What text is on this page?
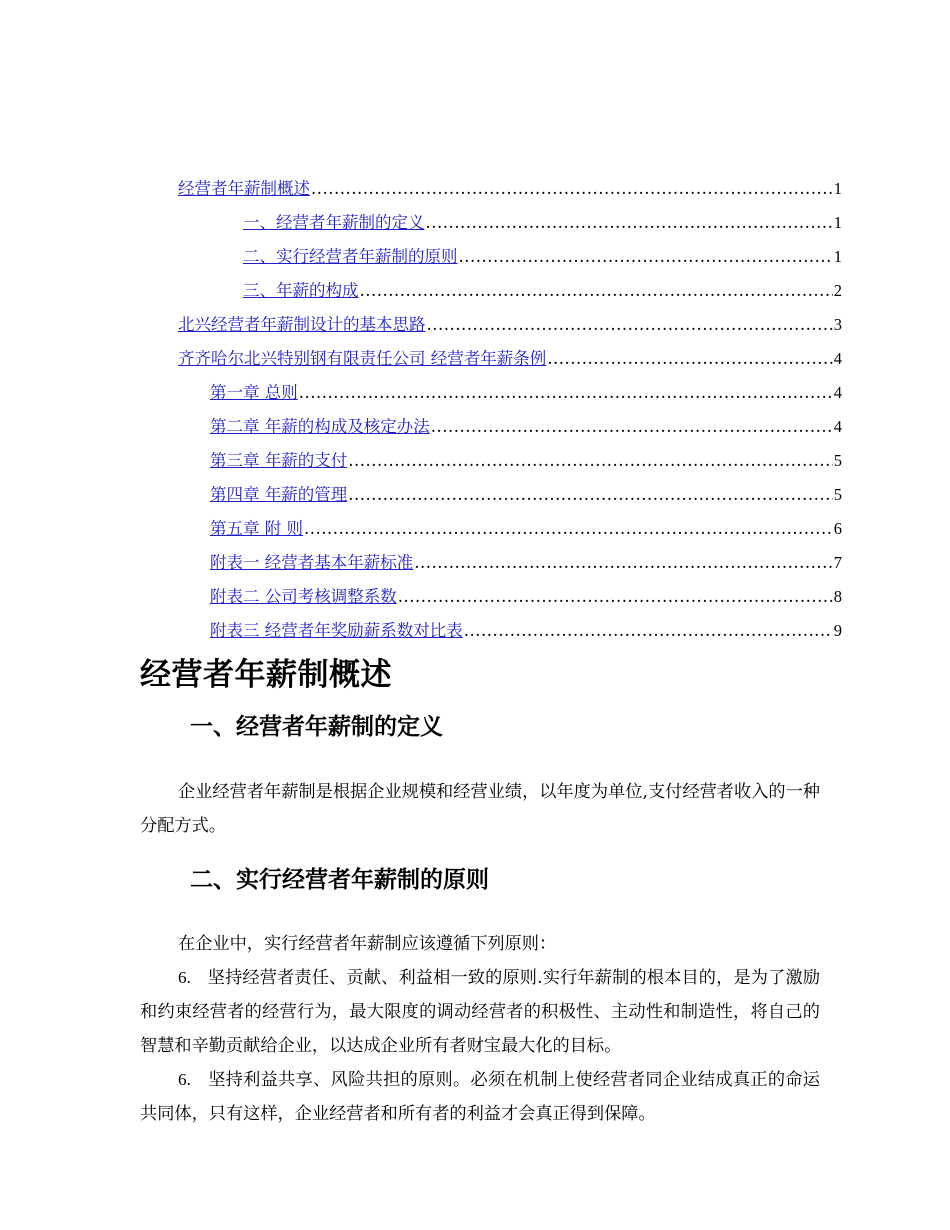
经营者年薪制概述 .....	1
一、经营者年薪制的定义 .....	1
二、实行经营者年薪制的原则 .....	1
三、年薪的构成 .....	2
北兴经营者年薪制设计的基本思路 .....	3
齐齐哈尔北兴特别钢有限责任公司 经营者年薪条例 .....	4
第一章 总则 .....	4
第二章 年薪的构成及核定办法 .....	4
第三章 年薪的支付 .....	5
第四章 年薪的管理 .....	5
第五章 附 则 .....	6
附表一 经营者基本年薪标准 .....	7
附表二 公司考核调整系数 .....	8
附表三 经营者年奖励薪系数对比表 .....	9
经营者年薪制概述
一、经营者年薪制的定义

企业经营者年薪制是根据企业规模和经营业绩，以年度为单位,支付经营者收入的一种分配方式。

二、实行经营者年薪制的原则

在企业中，实行经营者年薪制应该遵循下列原则：

6. 坚持经营者责任、贡献、利益相一致的原则.实行年薪制的根本目的，是为了激励和约束经营者的经营行为，最大限度的调动经营者的积极性、主动性和制造性，将自己的智慧和辛勤贡献给企业，以达成企业所有者财宝最大化的目标。

6. 坚持利益共享、风险共担的原则。必须在机制上使经营者同企业结成真正的命运共同体，只有这样，企业经营者和所有者的利益才会真正得到保障。
